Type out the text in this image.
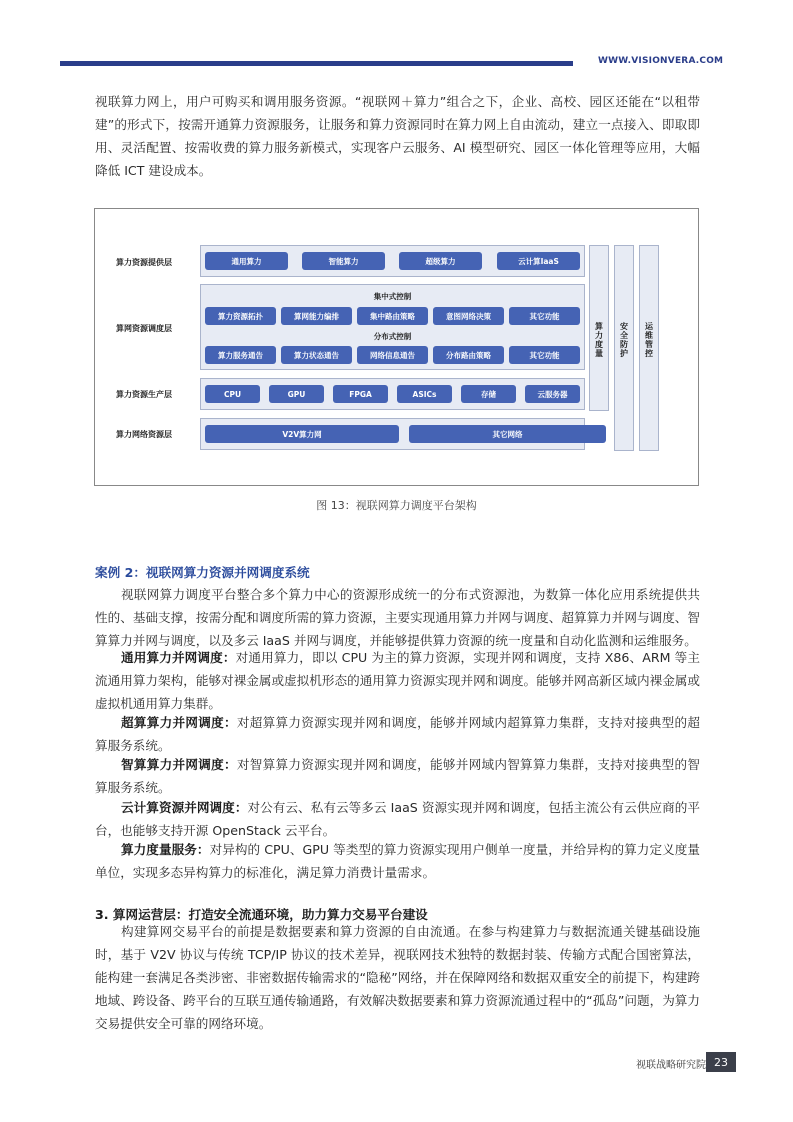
WWW.VISIONVERA.COM

视联算力网上，用户可购买和调用服务资源。“视联网＋算力”组合之下，企业、高校、园区还能在“以租带建”的形式下，按需开通算力资源服务，让服务和算力资源同时在算力网上自由流动，建立一点接入、即取即用、灵活配置、按需收费的算力服务新模式，实现客户云服务、AI 模型研究、园区一体化管理等应用，大幅降低 ICT 建设成本。

算力资源提供层	通用算力	智能算力	超级算力	云计算IaaS
算网资源调度层
集中式控制
算力资源拓扑	算网能力编排	集中路由策略	意图网络决策	其它功能
分布式控制
算力服务通告	算力状态通告	网络信息通告	分布路由策略	其它功能
算力资源生产层	CPU	GPU	FPGA	ASICs	存储	云服务器
算力网络资源层	V2V算力网	其它网络
算力度量 安全防护 运维管控
图 13：视联网算力调度平台架构
案例 2：视联网算力资源并网调度系统

视联网算力调度平台整合多个算力中心的资源形成统一的分布式资源池，为数算一体化应用系统提供共性的、基础支撑，按需分配和调度所需的算力资源，主要实现通用算力并网与调度、超算算力并网与调度、智算算力并网与调度，以及多云 IaaS 并网与调度，并能够提供算力资源的统一度量和自动化监测和运维服务。

通用算力并网调度：对通用算力，即以 CPU 为主的算力资源，实现并网和调度，支持 X86、ARM 等主流通用算力架构，能够对裸金属或虚拟机形态的通用算力资源实现并网和调度。能够并网高新区域内裸金属或虚拟机通用算力集群。

超算算力并网调度：对超算算力资源实现并网和调度，能够并网域内超算算力集群，支持对接典型的超算服务系统。

智算算力并网调度：对智算算力资源实现并网和调度，能够并网域内智算算力集群，支持对接典型的智算服务系统。

云计算资源并网调度：对公有云、私有云等多云 IaaS 资源实现并网和调度，包括主流公有云供应商的平台，也能够支持开源 OpenStack 云平台。

算力度量服务：对异构的 CPU、GPU 等类型的算力资源实现用户侧单一度量，并给异构的算力定义度量单位，实现多态异构算力的标准化，满足算力消费计量需求。

3. 算网运营层：打造安全流通环境，助力算力交易平台建设

构建算网交易平台的前提是数据要素和算力资源的自由流通。在参与构建算力与数据流通关键基础设施时，基于 V2V 协议与传统 TCP/IP 协议的技术差异，视联网技术独特的数据封装、传输方式配合国密算法，能构建一套满足各类涉密、非密数据传输需求的“隐秘”网络，并在保障网络和数据双重安全的前提下，构建跨地域、跨设备、跨平台的互联互通传输通路，有效解决数据要素和算力资源流通过程中的“孤岛”问题，为算力交易提供安全可靠的网络环境。

视联战略研究院 23
